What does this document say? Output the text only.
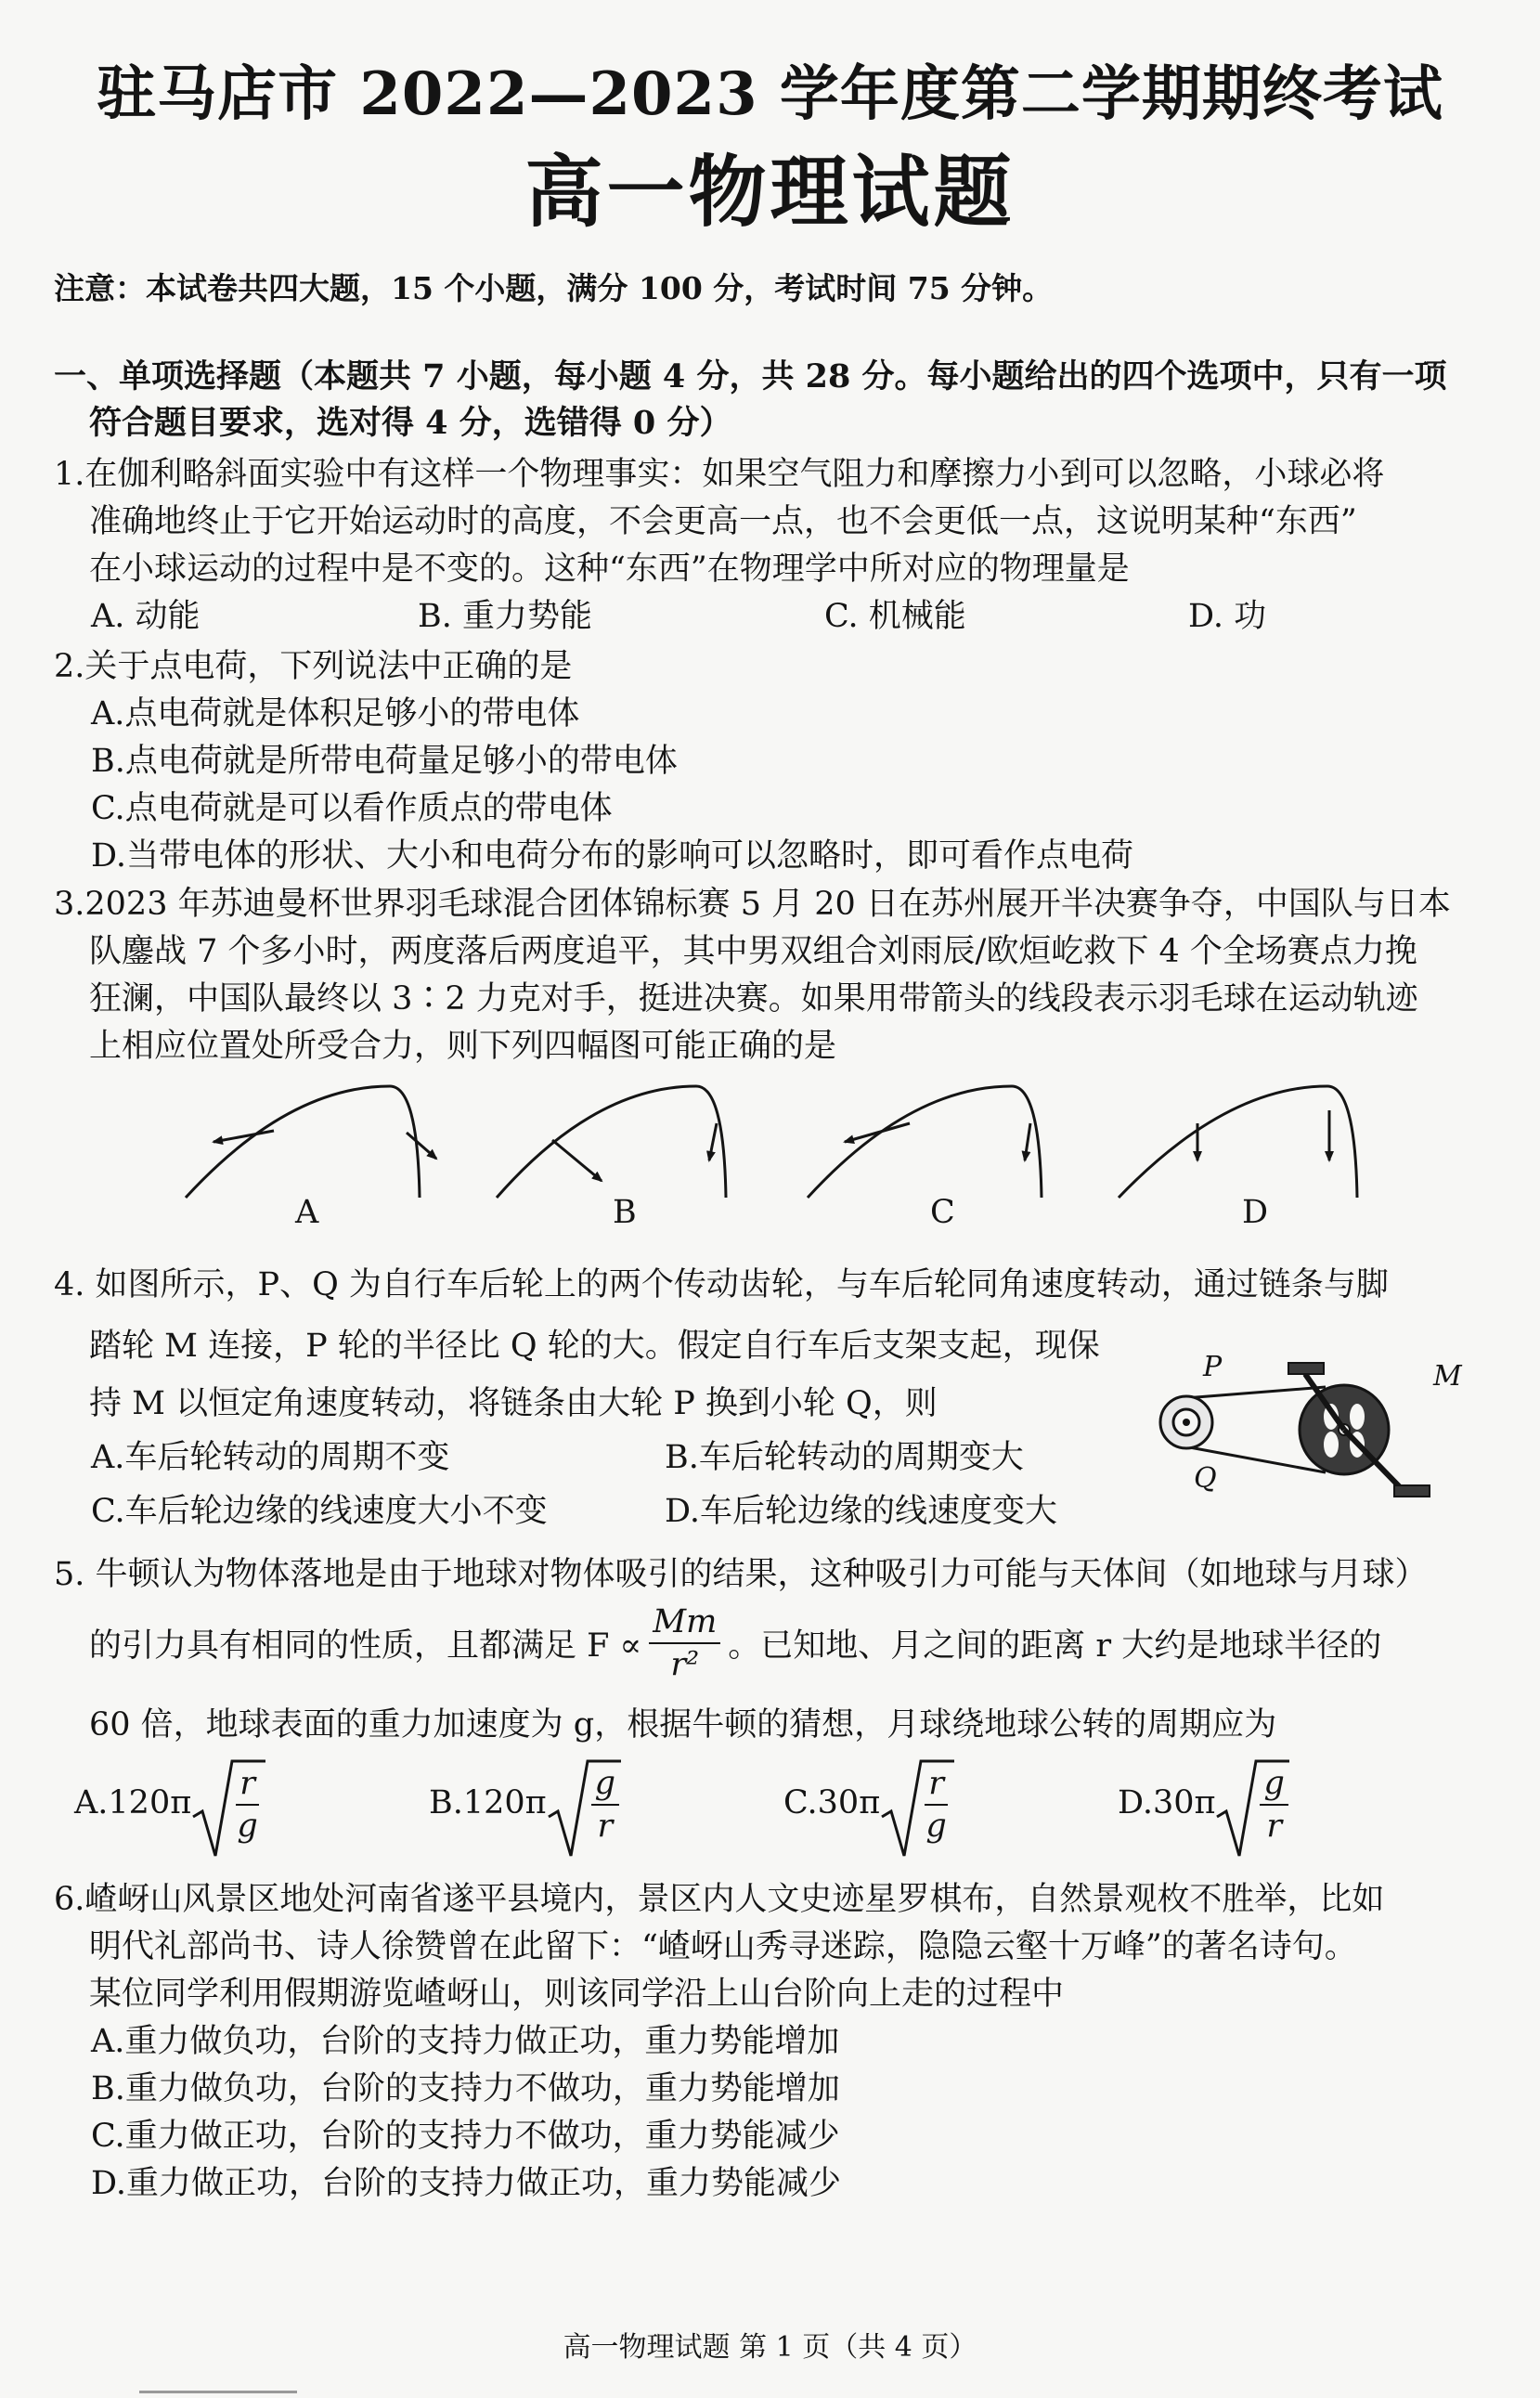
驻马店市 2022—2023 学年度第二学期期终考试
高一物理试题
注意：本试卷共四大题，15 个小题，满分 100 分，考试时间 75 分钟。
一、单项选择题（本题共 7 小题，每小题 4 分，共 28 分。每小题给出的四个选项中，只有一项
符合题目要求，选对得 4 分，选错得 0 分）
1.在伽利略斜面实验中有这样一个物理事实：如果空气阻力和摩擦力小到可以忽略，小球必将
准确地终止于它开始运动时的高度，不会更高一点，也不会更低一点，这说明某种“东西”
在小球运动的过程中是不变的。这种“东西”在物理学中所对应的物理量是
A. 动能	B. 重力势能	C. 机械能	D. 功
2.关于点电荷，下列说法中正确的是
A.点电荷就是体积足够小的带电体
B.点电荷就是所带电荷量足够小的带电体
C.点电荷就是可以看作质点的带电体
D.当带电体的形状、大小和电荷分布的影响可以忽略时，即可看作点电荷
3.2023 年苏迪曼杯世界羽毛球混合团体锦标赛 5 月 20 日在苏州展开半决赛争夺，中国队与日本
队鏖战 7 个多小时，两度落后两度追平，其中男双组合刘雨辰/欧烜屹救下 4 个全场赛点力挽
狂澜，中国队最终以 3∶2 力克对手，挺进决赛。如果用带箭头的线段表示羽毛球在运动轨迹
上相应位置处所受合力，则下列四幅图可能正确的是
A	B	C	D
4. 如图所示，P、Q 为自行车后轮上的两个传动齿轮，与车后轮同角速度转动，通过链条与脚
踏轮 M 连接，P 轮的半径比 Q 轮的大。假定自行车后支架支起，现保
持 M 以恒定角速度转动，将链条由大轮 P 换到小轮 Q，则
A.车后轮转动的周期不变	B.车后轮转动的周期变大
C.车后轮边缘的线速度大小不变	D.车后轮边缘的线速度变大
P
Q
M
5. 牛顿认为物体落地是由于地球对物体吸引的结果，这种吸引力可能与天体间（如地球与月球）
的引力具有相同的性质，且都满足 $F \propto \frac{Mm}{\text{r²}}$ 。已知地、月之间的距离 r 大约是地球半径的
60 倍，地球表面的重力加速度为 g，根据牛顿的猜想，月球绕地球公转的周期应为
$A.120\pi \frac{r}{g}$	$B.120\pi \frac{g}{r}$	$C.30\pi \frac{r}{g}$	$D.30\pi \frac{g}{r}$
6.嵖岈山风景区地处河南省遂平县境内，景区内人文史迹星罗棋布，自然景观枚不胜举，比如
明代礼部尚书、诗人徐赞曾在此留下：“嵖岈山秀寻迷踪，隐隐云壑十万峰”的著名诗句。
某位同学利用假期游览嵖岈山，则该同学沿上山台阶向上走的过程中
A.重力做负功，台阶的支持力做正功，重力势能增加
B.重力做负功，台阶的支持力不做功，重力势能增加
C.重力做正功，台阶的支持力不做功，重力势能减少
D.重力做正功，台阶的支持力做正功，重力势能减少
高一物理试题 第 1 页（共 4 页）
